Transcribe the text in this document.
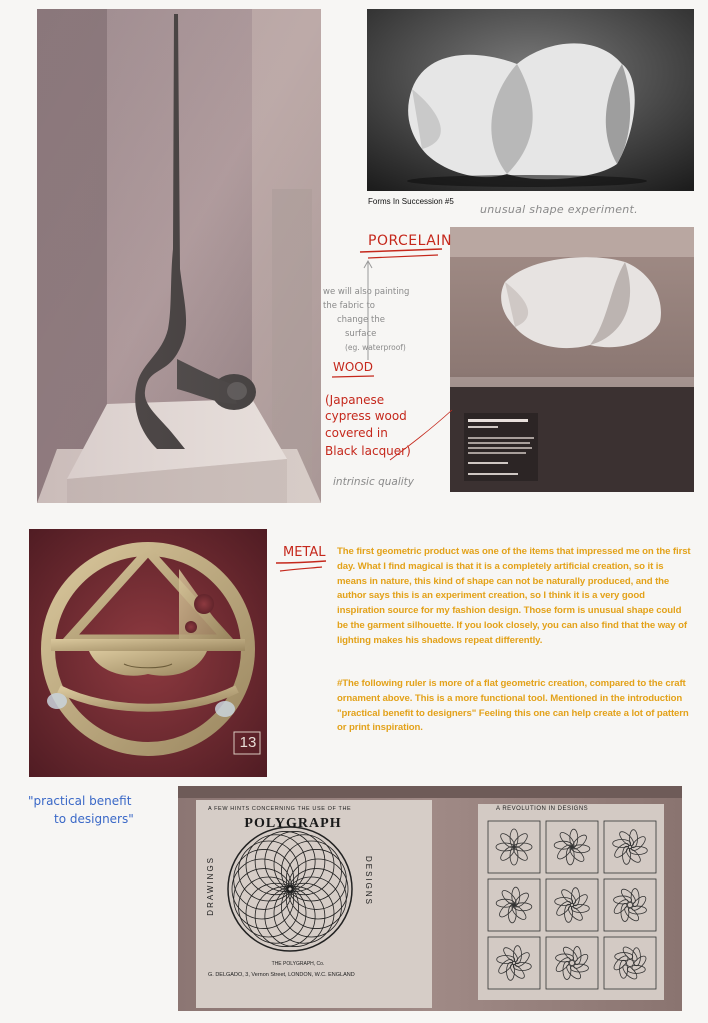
Forms In Succession #5
unusual shape experiment.
PORCELAIN
we will also painting
the fabric to
change the
surface
(eg. waterproof)
WOOD
(Japanese
cypress wood
covered in
Black lacquer)
intrinsic quality
13
METAL The first geometric product was one of the items that impressed me on the first day. What I find magical is that it is a completely artificial creation, so it is means in nature, this kind of shape can not be naturally produced, and the author says this is an experiment creation, so I think it is a very good inspiration source for my fashion design. Those form is unusual shape could be the garment silhouette. If you look closely, you can also find that the way of lighting makes his shadows repeat differently.
#The following ruler is more of a flat geometric creation, compared to the craft ornament above. This is a more functional tool. Mentioned in the introduction "practical benefit to designers" Feeling this one can help create a lot of pattern or print inspiration.
"practical benefit
to designers"
A FEW HINTS CONCERNING THE USE OF THE
POLYGRAPH
DRAWINGS	DESIGNS
THE POLYGRAPH, Co.
G. DELGADO, 3, Vernon Street, LONDON, W.C. ENGLAND
A REVOLUTION IN DESIGNS
